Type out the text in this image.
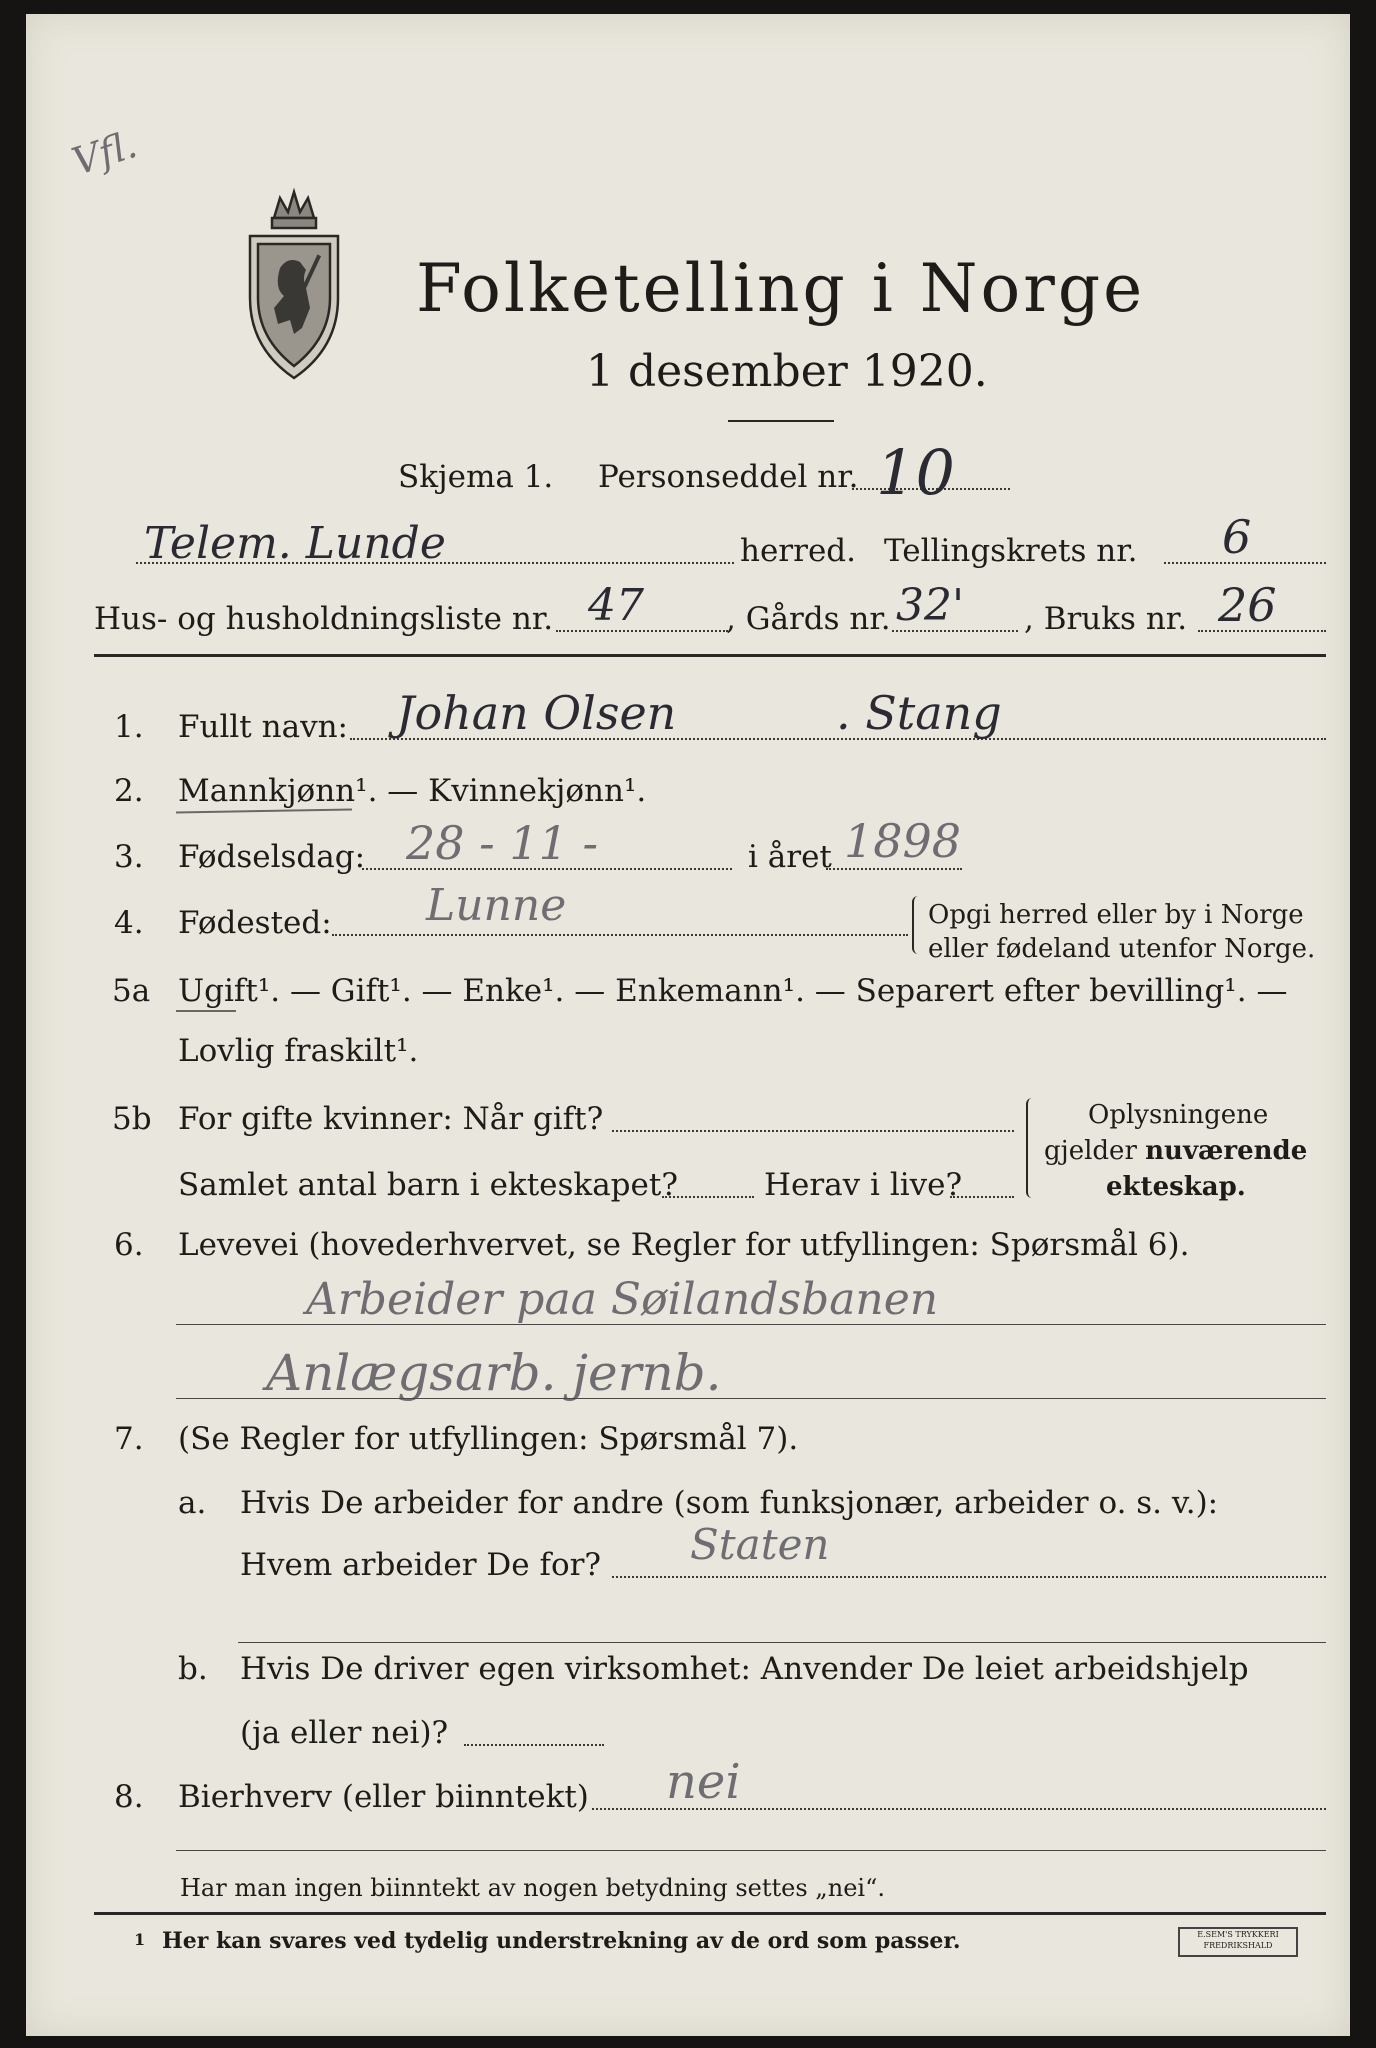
Vfl.
Folketelling i Norge
1 desember 1920.
Skjema 1. Personseddel nr. 10
Telem. Lunde	herred. Tellingskrets nr. 6
Hus- og husholdningsliste nr. 47	, Gårds nr. 32' , Bruks nr. 26
1. Fullt navn: Johan Olsen	. Stang
2. Mannkjønn¹. — Kvinnekjønn¹.
3. Fødselsdag: 28 - 11 -	i året 1898
4. Fødested: Lunne	Opgi herred eller by i Norge
eller fødeland utenfor Norge.
5a Ugift¹. — Gift¹. — Enke¹. — Enkemann¹. — Separert efter bevilling¹. —
Lovlig fraskilt¹.
5b For gifte kvinner: Når gift?
Samlet antal barn i ekteskapet?	Herav i live?
Oplysningene
gjelder nuværende
ekteskap.
6. Levevei (hovederhvervet, se Regler for utfyllingen: Spørsmål 6).
Arbeider paa Søilandsbanen
Anlægsarb. jernb.
7. (Se Regler for utfyllingen: Spørsmål 7).
a. Hvis De arbeider for andre (som funksjonær, arbeider o. s. v.):
Hvem arbeider De for? Staten
b. Hvis De driver egen virksomhet: Anvender De leiet arbeidshjelp
(ja eller nei)?
8. Bierhverv (eller biinntekt) nei
Har man ingen biinntekt av nogen betydning settes „nei“.
1 Her kan svares ved tydelig understrekning av de ord som passer.	E.SEM'S TRYKKERI FREDRIKSHALD
